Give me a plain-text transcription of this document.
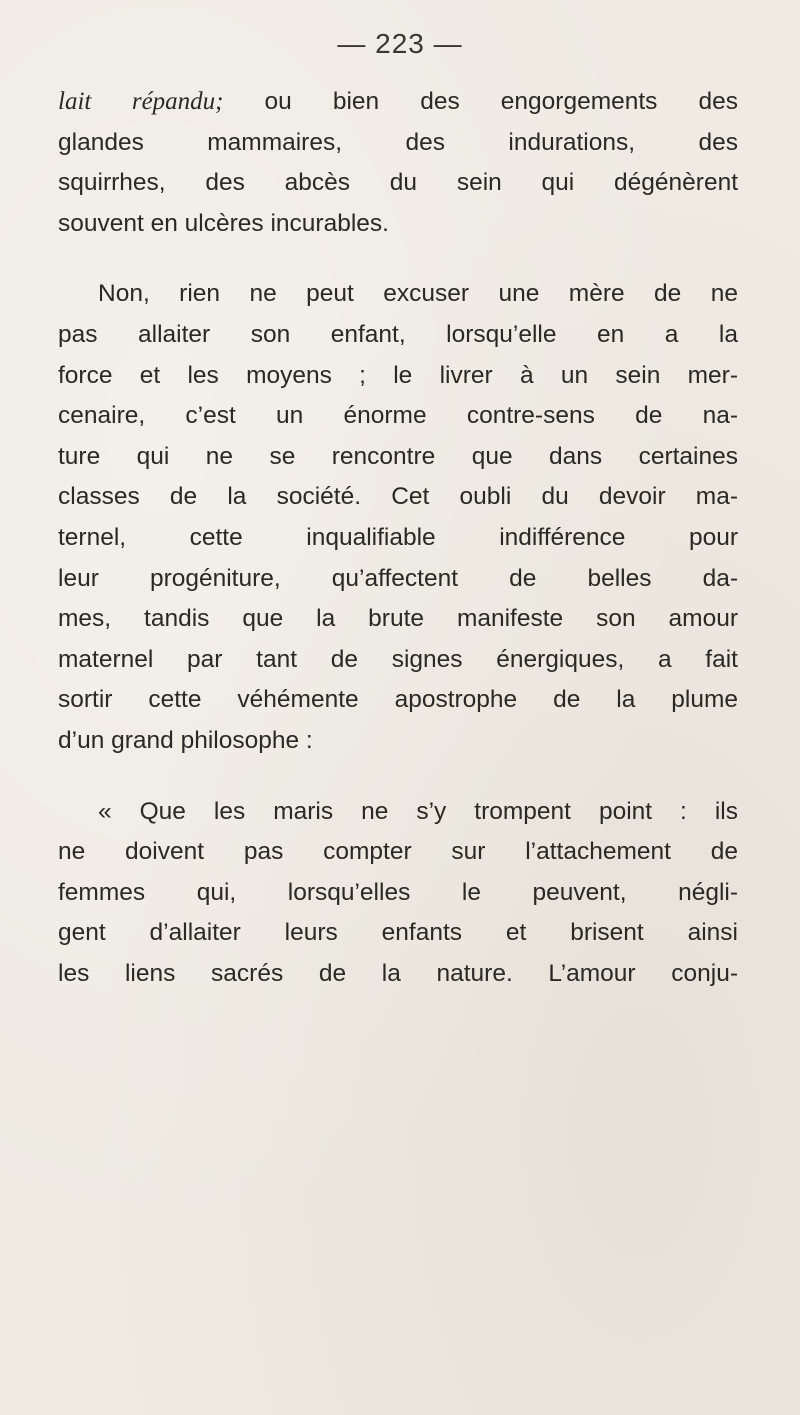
— 223 —
lait répandu; ou bien des engorgements des
glandes mammaires, des indurations, des
squirrhes, des abcès du sein qui dégénèrent
souvent en ulcères incurables.
Non, rien ne peut excuser une mère de ne
pas allaiter son enfant, lorsqu’elle en a la
force et les moyens ; le livrer à un sein mer-
cenaire, c’est un énorme contre-sens de na-
ture qui ne se rencontre que dans certaines
classes de la société. Cet oubli du devoir ma-
ternel, cette inqualifiable indifférence pour
leur progéniture, qu’affectent de belles da-
mes, tandis que la brute manifeste son amour
maternel par tant de signes énergiques, a fait
sortir cette véhémente apostrophe de la plume
d’un grand philosophe :
« Que les maris ne s’y trompent point : ils
ne doivent pas compter sur l’attachement de
femmes qui, lorsqu’elles le peuvent, négli-
gent d’allaiter leurs enfants et brisent ainsi
les liens sacrés de la nature. L’amour conju-
